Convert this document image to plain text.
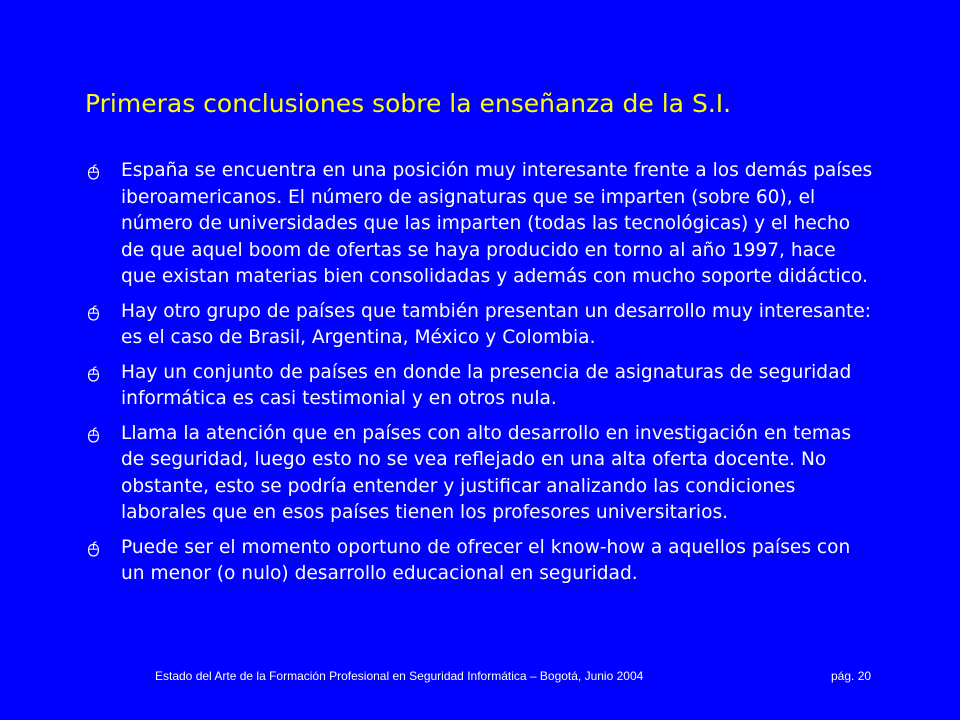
Primeras conclusiones sobre la enseñanza de la S.I.
España se encuentra en una posición muy interesante frente a los demás países iberoamericanos. El número de asignaturas que se imparten (sobre 60), el número de universidades que las imparten (todas las tecnológicas) y el hecho de que aquel boom de ofertas se haya producido en torno al año 1997, hace que existan materias bien consolidadas y además con mucho soporte didáctico.
Hay otro grupo de países que también presentan un desarrollo muy interesante: es el caso de Brasil, Argentina, México y Colombia.
Hay un conjunto de países en donde la presencia de asignaturas de seguridad informática es casi testimonial y en otros nula.
Llama la atención que en países con alto desarrollo en investigación en temas de seguridad, luego esto no se vea reflejado en una alta oferta docente. No obstante, esto se podría entender y justificar analizando las condiciones laborales que en esos países tienen los profesores universitarios.
Puede ser el momento oportuno de ofrecer el know-how a aquellos países con un menor (o nulo) desarrollo educacional en seguridad.
Estado del Arte de la Formación Profesional en Seguridad Informática – Bogotá, Junio 2004	pág. 20
